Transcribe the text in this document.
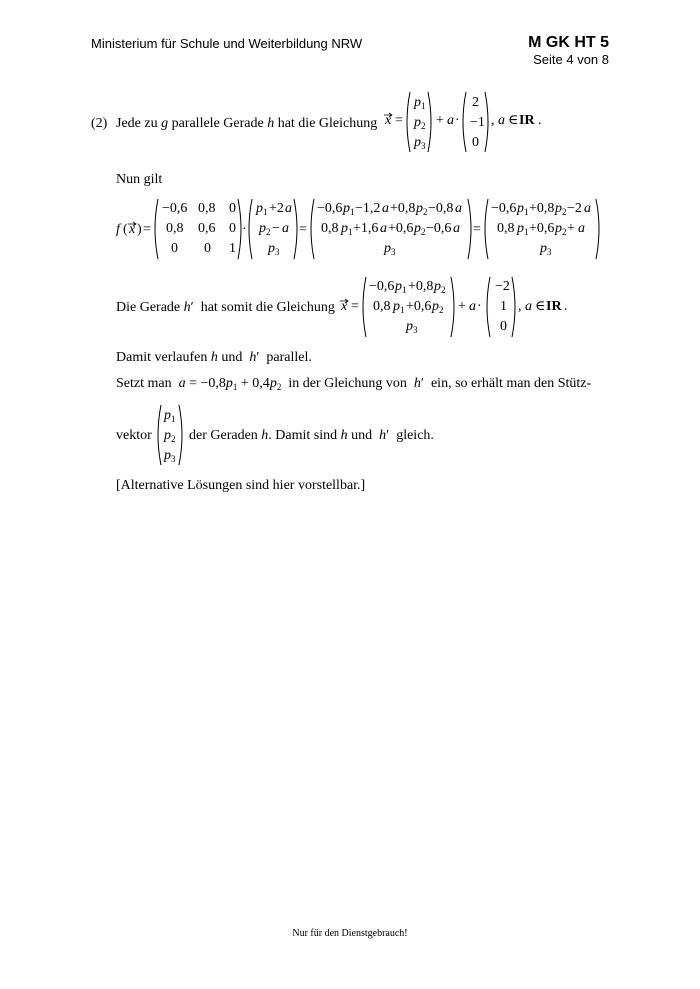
Ministerium für Schule und Weiterbildung NRW	M GK HT 5
Seite 4 von 8
(2) Jede zu g parallele Gerade h hat die Gleichung x =
p 1
p 2
p 3
+ a ·
2
−1
0
, a ∈ IR .
Nun gilt
f ( x ) =
−0,6 0,8 0
0,8 0,6 0
0 0 1
·
p 1 +2 a
p 2 − a
p 3
=
−0,6 p 1 −1,2 a +0,8 p 2 −0,8 a
0,8 p 1 +1,6 a +0,6 p 2 −0,6 a
p 3
=
−0,6 p 1 +0,8 p 2 −2 a
0,8 p 1 +0,6 p 2 + a
p 3
Die Gerade h′  hat somit die Gleichung x =
−0,6 p 1 +0,8 p 2
0,8 p 1 +0,6 p 2
p 3
+ a ·
−2
1
0
, a ∈ IR .
Damit verlaufen h und  h′  parallel.
Setzt man  $a = -0,8p_1 + 0,4p_2$  in der Gleichung von  h′  ein, so erhält man den Stütz-
vektor
p 1
p 2
p 3
der Geraden h. Damit sind h und  h′  gleich.
[Alternative Lösungen sind hier vorstellbar.]
Nur für den Dienstgebrauch!
